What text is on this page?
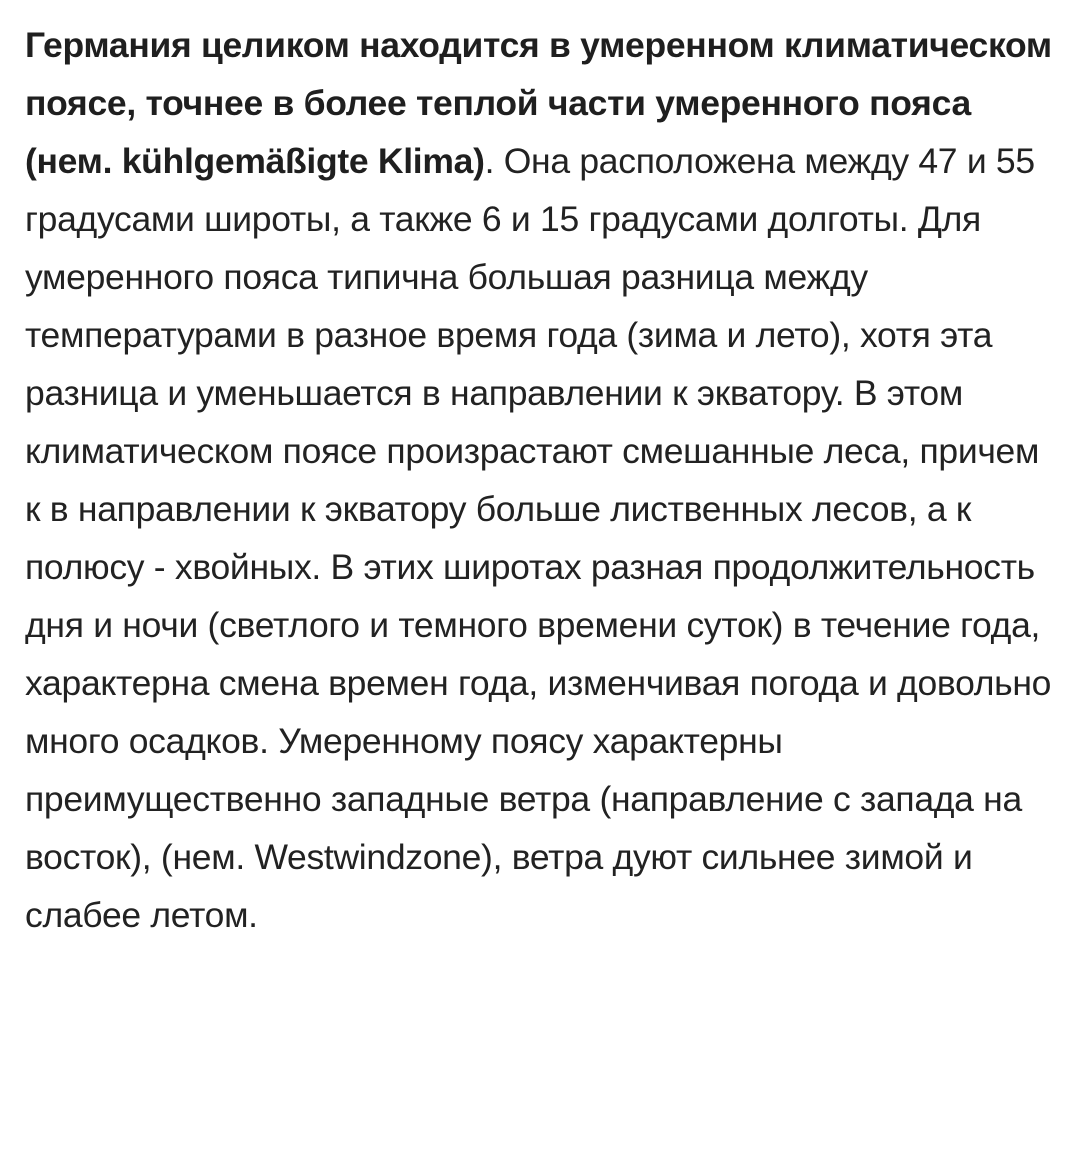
Германия целиком находится в умеренном климатическом поясе, точнее в более теплой части умеренного пояса (нем. kühlgemäßigte Klima). Она расположена между 47 и 55 градусами широты, а также 6 и 15 градусами долготы. Для умеренного пояса типична большая разница между температурами в разное время года (зима и лето), хотя эта разница и уменьшается в направлении к экватору. В этом климатическом поясе произрастают смешанные леса, причем к в направлении к экватору больше лиственных лесов, а к полюсу - хвойных. В этих широтах разная продолжительность дня и ночи (светлого и темного времени суток) в течение года, характерна смена времен года, изменчивая погода и довольно много осадков. Умеренному поясу характерны преимущественно западные ветра (направление с запада на восток), (нем. Westwindzone), ветра дуют сильнее зимой и слабее летом.
